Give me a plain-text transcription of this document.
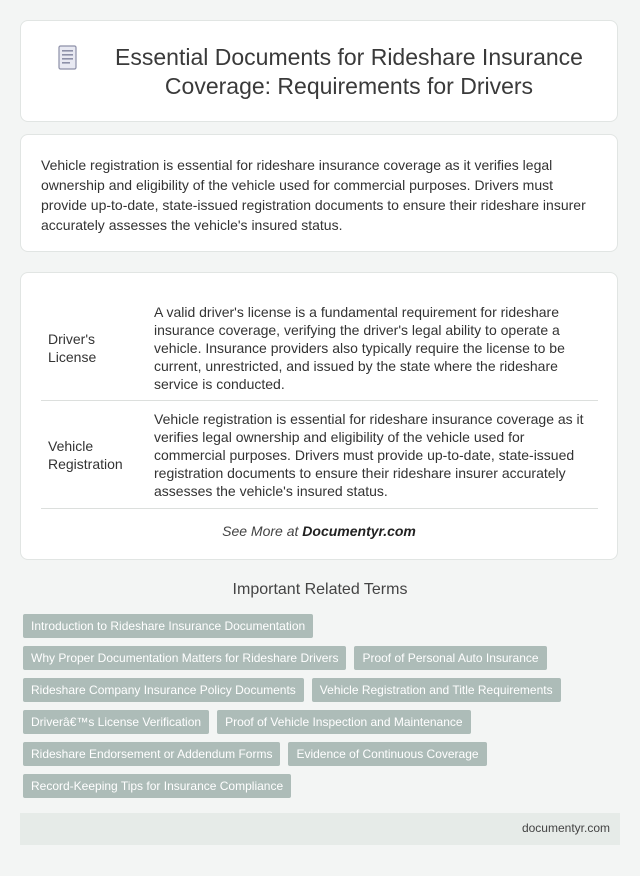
Essential Documents for Rideshare Insurance Coverage: Requirements for Drivers

Vehicle registration is essential for rideshare insurance coverage as it verifies legal ownership and eligibility of the vehicle used for commercial purposes. Drivers must provide up-to-date, state-issued registration documents to ensure their rideshare insurer accurately assesses the vehicle's insured status.

Driver's License	A valid driver's license is a fundamental requirement for rideshare insurance coverage, verifying the driver's legal ability to operate a vehicle. Insurance providers also typically require the license to be current, unrestricted, and issued by the state where the rideshare service is conducted.
Vehicle Registration	Vehicle registration is essential for rideshare insurance coverage as it verifies legal ownership and eligibility of the vehicle used for commercial purposes. Drivers must provide up-to-date, state-issued registration documents to ensure their rideshare insurer accurately assesses the vehicle's insured status.
See More at Documentyr.com
Important Related Terms
Introduction to Rideshare Insurance Documentation
Why Proper Documentation Matters for Rideshare Drivers	Proof of Personal Auto Insurance
Rideshare Company Insurance Policy Documents	Vehicle Registration and Title Requirements
Driverâ€™s License Verification	Proof of Vehicle Inspection and Maintenance
Rideshare Endorsement or Addendum Forms	Evidence of Continuous Coverage
Record-Keeping Tips for Insurance Compliance
documentyr.com
